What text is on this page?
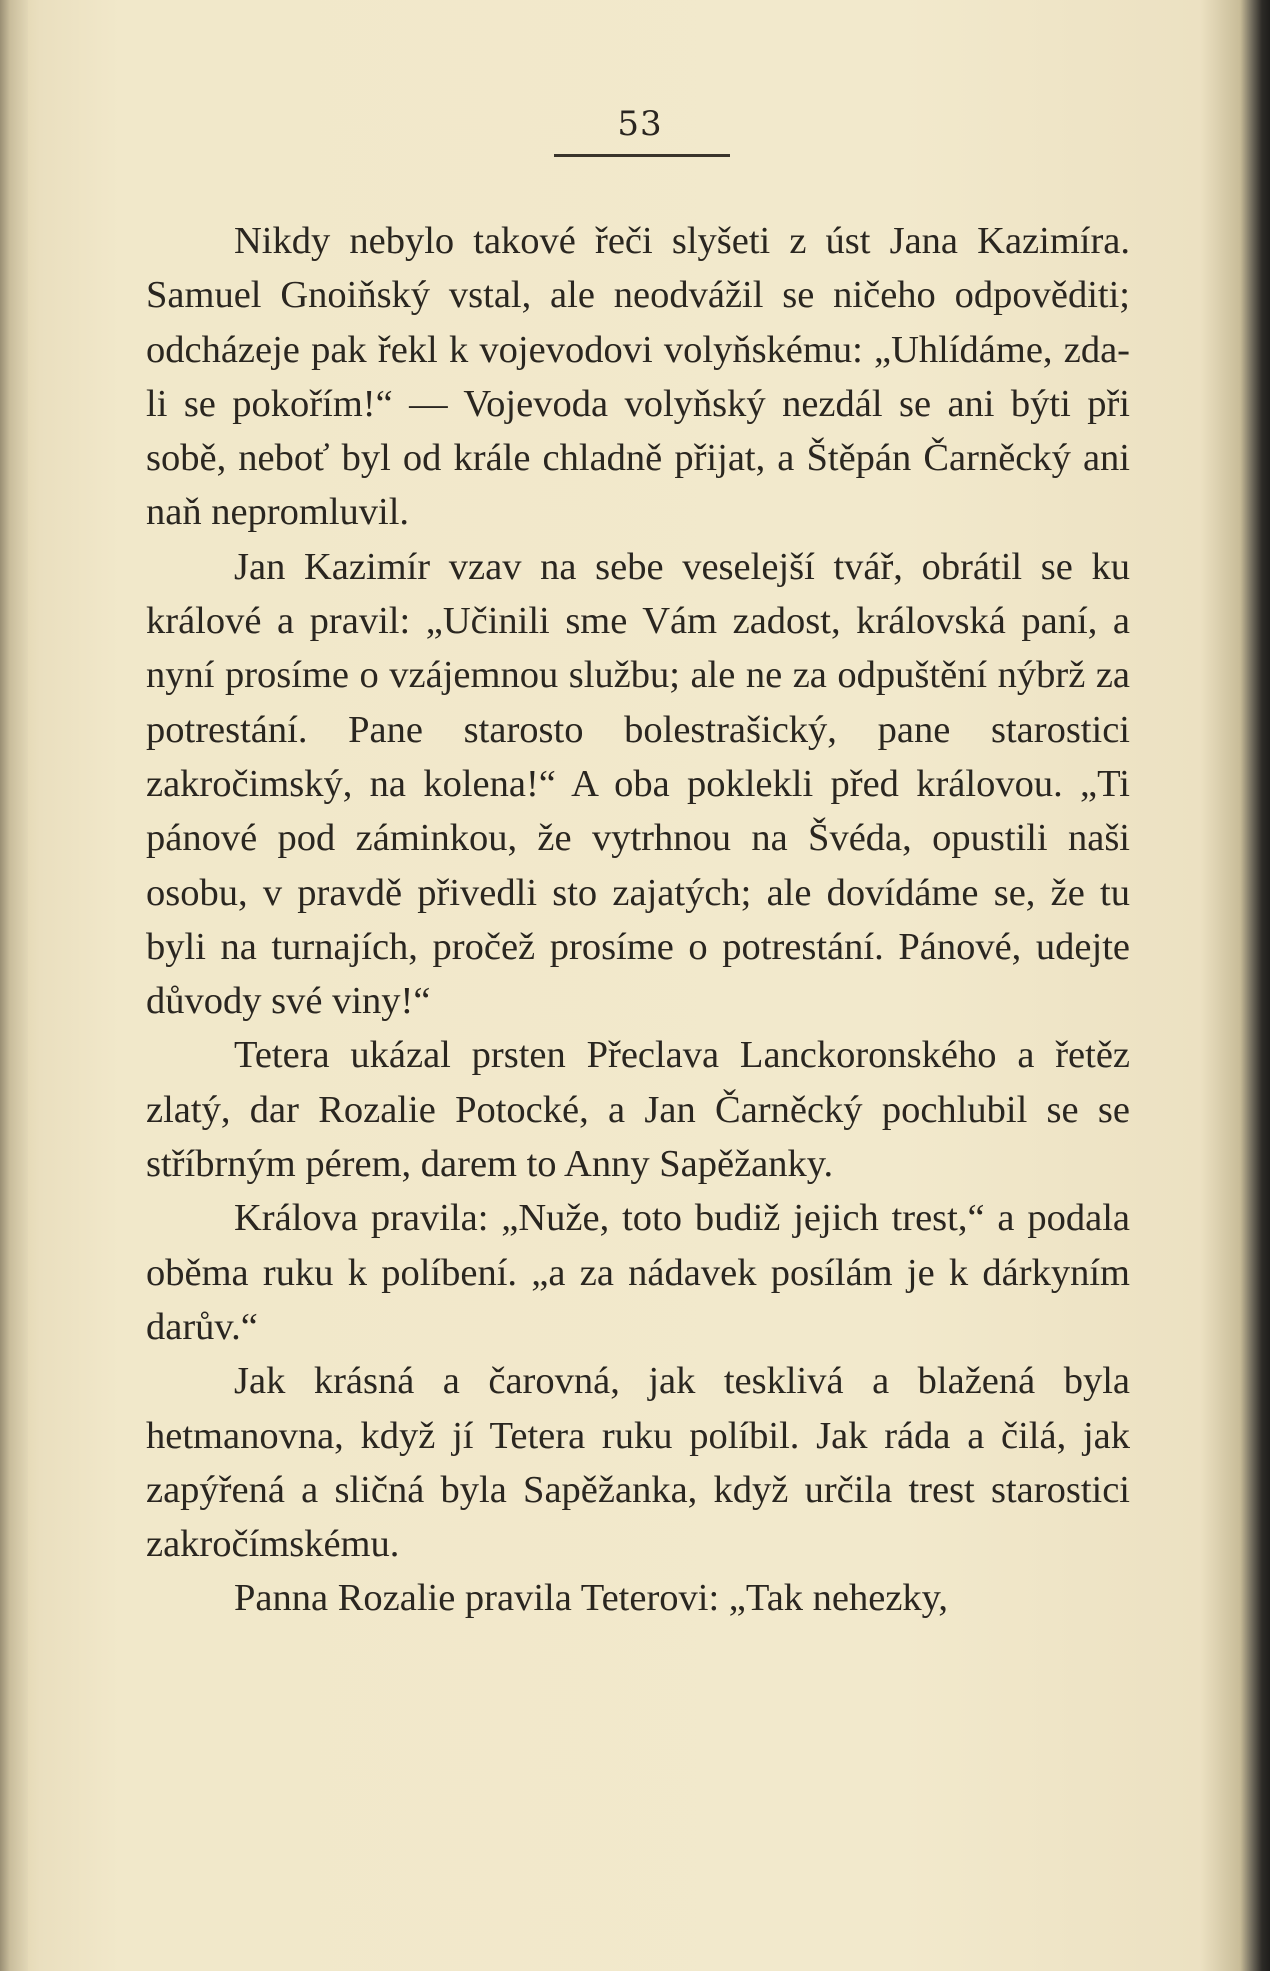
53

Nikdy nebylo takové řeči slyšeti z úst Jana Kazimíra. Samuel Gnoiňský vstal, ale neodvážil se ničeho odpověditi; odcházeje pak řekl k vojevodovi volyňskému: „Uhlídáme, zda-li se pokořím!“ — Vojevoda volyňský nezdál se ani býti při sobě, neboť byl od krále chladně přijat, a Štěpán Čarněcký ani naň nepromluvil.

Jan Kazimír vzav na sebe veselejší tvář, obrátil se ku králové a pravil: „Učinili sme Vám zadost, královská paní, a nyní prosíme o vzájemnou službu; ale ne za odpuštění nýbrž za potrestání. Pane starosto bolestrašický, pane starostici zakročimský, na kolena!“ A oba poklekli před královou. „Ti pánové pod záminkou, že vytrhnou na Švéda, opustili naši osobu, v pravdě přivedli sto zajatých; ale dovídáme se, že tu byli na turnajích, pročež prosíme o potrestání. Pánové, udejte důvody své viny!“

Tetera ukázal prsten Přeclava Lanckoronského a řetěz zlatý, dar Rozalie Potocké, a Jan Čarněcký pochlubil se se stříbrným pérem, darem to Anny Sapěžanky.

Králova pravila: „Nuže, toto budiž jejich trest,“ a podala oběma ruku k políbení. „a za nádavek posílám je k dárkyním darův.“

Jak krásná a čarovná, jak tesklivá a blažená byla hetmanovna, když jí Tetera ruku políbil. Jak ráda a čilá, jak zapýřená a sličná byla Sapěžanka, když určila trest starostici zakročímskému.

Panna Rozalie pravila Teterovi: „Tak nehezky,
